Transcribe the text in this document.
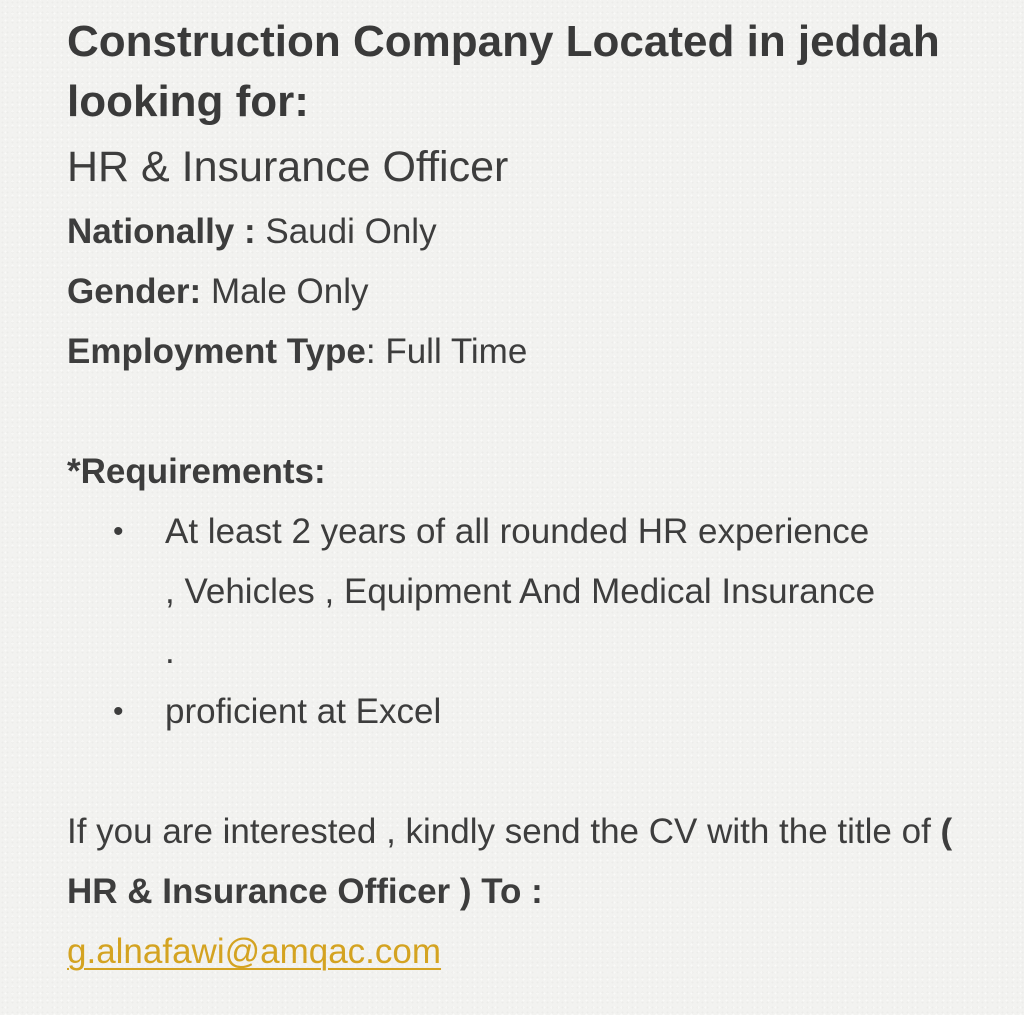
Construction Company Located in jeddah looking for:
HR & Insurance Officer

Nationally : Saudi Only

Gender: Male Only

Employment Type: Full Time

*Requirements:

• At least 2 years of all rounded HR experience , Vehicles , Equipment And Medical Insurance .
• proficient at Excel

If you are interested , kindly send the CV with the title of ( HR & Insurance Officer ) To :
g.alnafawi@amqac.com
